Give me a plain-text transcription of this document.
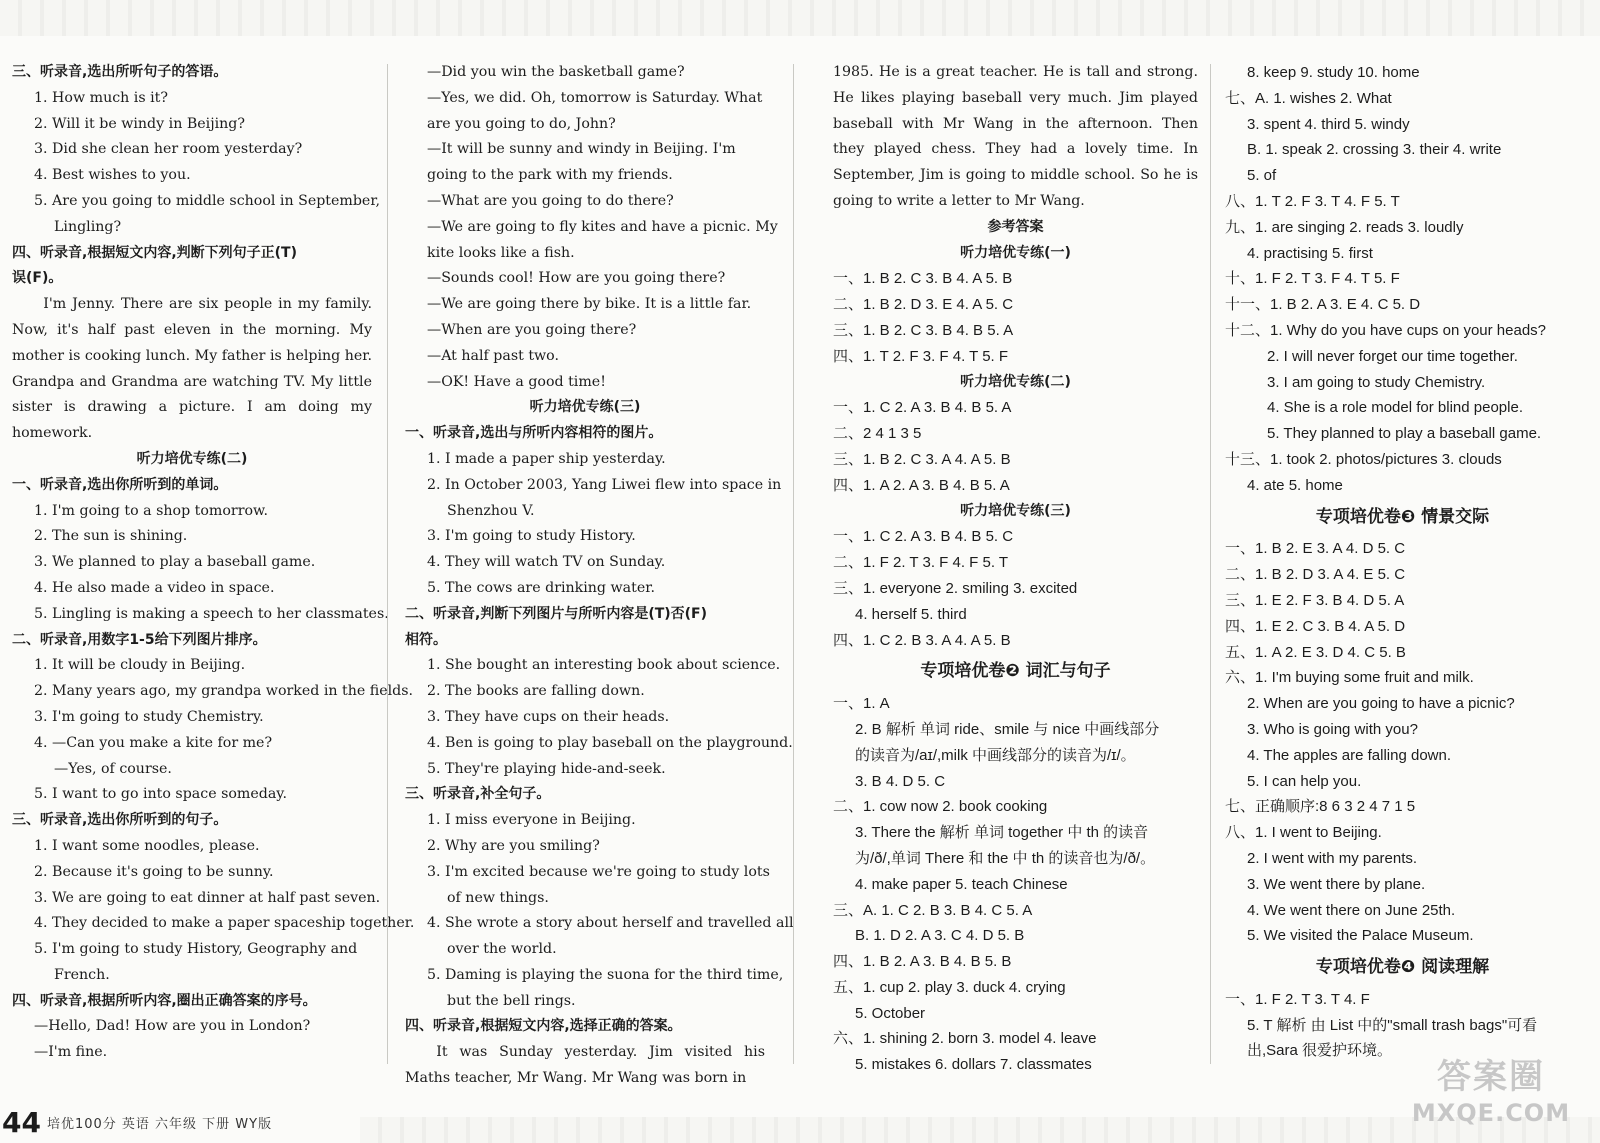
三、听录音,选出所听句子的答语。
1. How much is it?
2. Will it be windy in Beijing?
3. Did she clean her room yesterday?
4. Best wishes to you.
5. Are you going to middle school in September,
Lingling?
四、听录音,根据短文内容,判断下列句子正(T)
误(F)。
I'm Jenny. There are six people in my family. Now, it's half past eleven in the morning. My mother is cooking lunch. My father is helping her. Grandpa and Grandma are watching TV. My little sister is drawing a picture. I am doing my homework.
听力培优专练(二)
一、听录音,选出你所听到的单词。
1. I'm going to a shop tomorrow.
2. The sun is shining.
3. We planned to play a baseball game.
4. He also made a video in space.
5. Lingling is making a speech to her classmates.
二、听录音,用数字1-5给下列图片排序。
1. It will be cloudy in Beijing.
2. Many years ago, my grandpa worked in the fields.
3. I'm going to study Chemistry.
4. —Can you make a kite for me?
—Yes, of course.
5. I want to go into space someday.
三、听录音,选出你所听到的句子。
1. I want some noodles, please.
2. Because it's going to be sunny.
3. We are going to eat dinner at half past seven.
4. They decided to make a paper spaceship together.
5. I'm going to study History, Geography and
French.
四、听录音,根据所听内容,圈出正确答案的序号。
—Hello, Dad! How are you in London?
—I'm fine.
—Did you win the basketball game?
—Yes, we did. Oh, tomorrow is Saturday. What
are you going to do, John?
—It will be sunny and windy in Beijing. I'm
going to the park with my friends.
—What are you going to do there?
—We are going to fly kites and have a picnic. My
kite looks like a fish.
—Sounds cool! How are you going there?
—We are going there by bike. It is a little far.
—When are you going there?
—At half past two.
—OK! Have a good time!
听力培优专练(三)
一、听录音,选出与所听内容相符的图片。
1. I made a paper ship yesterday.
2. In October 2003, Yang Liwei flew into space in
Shenzhou V.
3. I'm going to study History.
4. They will watch TV on Sunday.
5. The cows are drinking water.
二、听录音,判断下列图片与所听内容是(T)否(F)
相符。
1. She bought an interesting book about science.
2. The books are falling down.
3. They have cups on their heads.
4. Ben is going to play baseball on the playground.
5. They're playing hide-and-seek.
三、听录音,补全句子。
1. I miss everyone in Beijing.
2. Why are you smiling?
3. I'm excited because we're going to study lots
of new things.
4. She wrote a story about herself and travelled all
over the world.
5. Daming is playing the suona for the third time,
but the bell rings.
四、听录音,根据短文内容,选择正确的答案。
It was Sunday yesterday. Jim visited his Maths teacher, Mr Wang. Mr Wang was born in
1985. He is a great teacher. He is tall and strong. He likes playing baseball very much. Jim played baseball with Mr Wang in the afternoon. Then they played chess. They had a lovely time. In September, Jim is going to middle school. So he is going to write a letter to Mr Wang.
参考答案
听力培优专练(一)
一、1. B 2. C 3. B 4. A 5. B
二、1. B 2. D 3. E 4. A 5. C
三、1. B 2. C 3. B 4. B 5. A
四、1. T 2. F 3. F 4. T 5. F
听力培优专练(二)
一、1. C 2. A 3. B 4. B 5. A
二、2 4 1 3 5
三、1. B 2. C 3. A 4. A 5. B
四、1. A 2. A 3. B 4. B 5. A
听力培优专练(三)
一、1. C 2. A 3. B 4. B 5. C
二、1. F 2. T 3. F 4. F 5. T
三、1. everyone 2. smiling 3. excited
4. herself 5. third
四、1. C 2. B 3. A 4. A 5. B
专项培优卷❷ 词汇与句子
一、1. A
2. B 解析 单词 ride、smile 与 nice 中画线部分
的读音为/aɪ/,milk 中画线部分的读音为/ɪ/。
3. B 4. D 5. C
二、1. cow now 2. book cooking
3. There the 解析 单词 together 中 th 的读音
为/ð/,单词 There 和 the 中 th 的读音也为/ð/。
4. make paper 5. teach Chinese
三、A. 1. C 2. B 3. B 4. C 5. A
B. 1. D 2. A 3. C 4. D 5. B
四、1. B 2. A 3. B 4. B 5. B
五、1. cup 2. play 3. duck 4. crying
5. October
六、1. shining 2. born 3. model 4. leave
5. mistakes 6. dollars 7. classmates
8. keep 9. study 10. home
七、A. 1. wishes 2. What
3. spent 4. third 5. windy
B. 1. speak 2. crossing 3. their 4. write
5. of
八、1. T 2. F 3. T 4. F 5. T
九、1. are singing 2. reads 3. loudly
4. practising 5. first
十、1. F 2. T 3. F 4. T 5. F
十一、1. B 2. A 3. E 4. C 5. D
十二、1. Why do you have cups on your heads?
2. I will never forget our time together.
3. I am going to study Chemistry.
4. She is a role model for blind people.
5. They planned to play a baseball game.
十三、1. took 2. photos/pictures 3. clouds
4. ate 5. home
专项培优卷❸ 情景交际
一、1. B 2. E 3. A 4. D 5. C
二、1. B 2. D 3. A 4. E 5. C
三、1. E 2. F 3. B 4. D 5. A
四、1. E 2. C 3. B 4. A 5. D
五、1. A 2. E 3. D 4. C 5. B
六、1. I'm buying some fruit and milk.
2. When are you going to have a picnic?
3. Who is going with you?
4. The apples are falling down.
5. I can help you.
七、正确顺序:8 6 3 2 4 7 1 5
八、1. I went to Beijing.
2. I went with my parents.
3. We went there by plane.
4. We went there on June 25th.
5. We visited the Palace Museum.
专项培优卷❹ 阅读理解
一、1. F 2. T 3. T 4. F
5. T 解析 由 List 中的"small trash bags"可看
出,Sara 很爱护环境。
44 培优100分 英语 六年级 下册 WY版
答案圈
MXQE.COM
